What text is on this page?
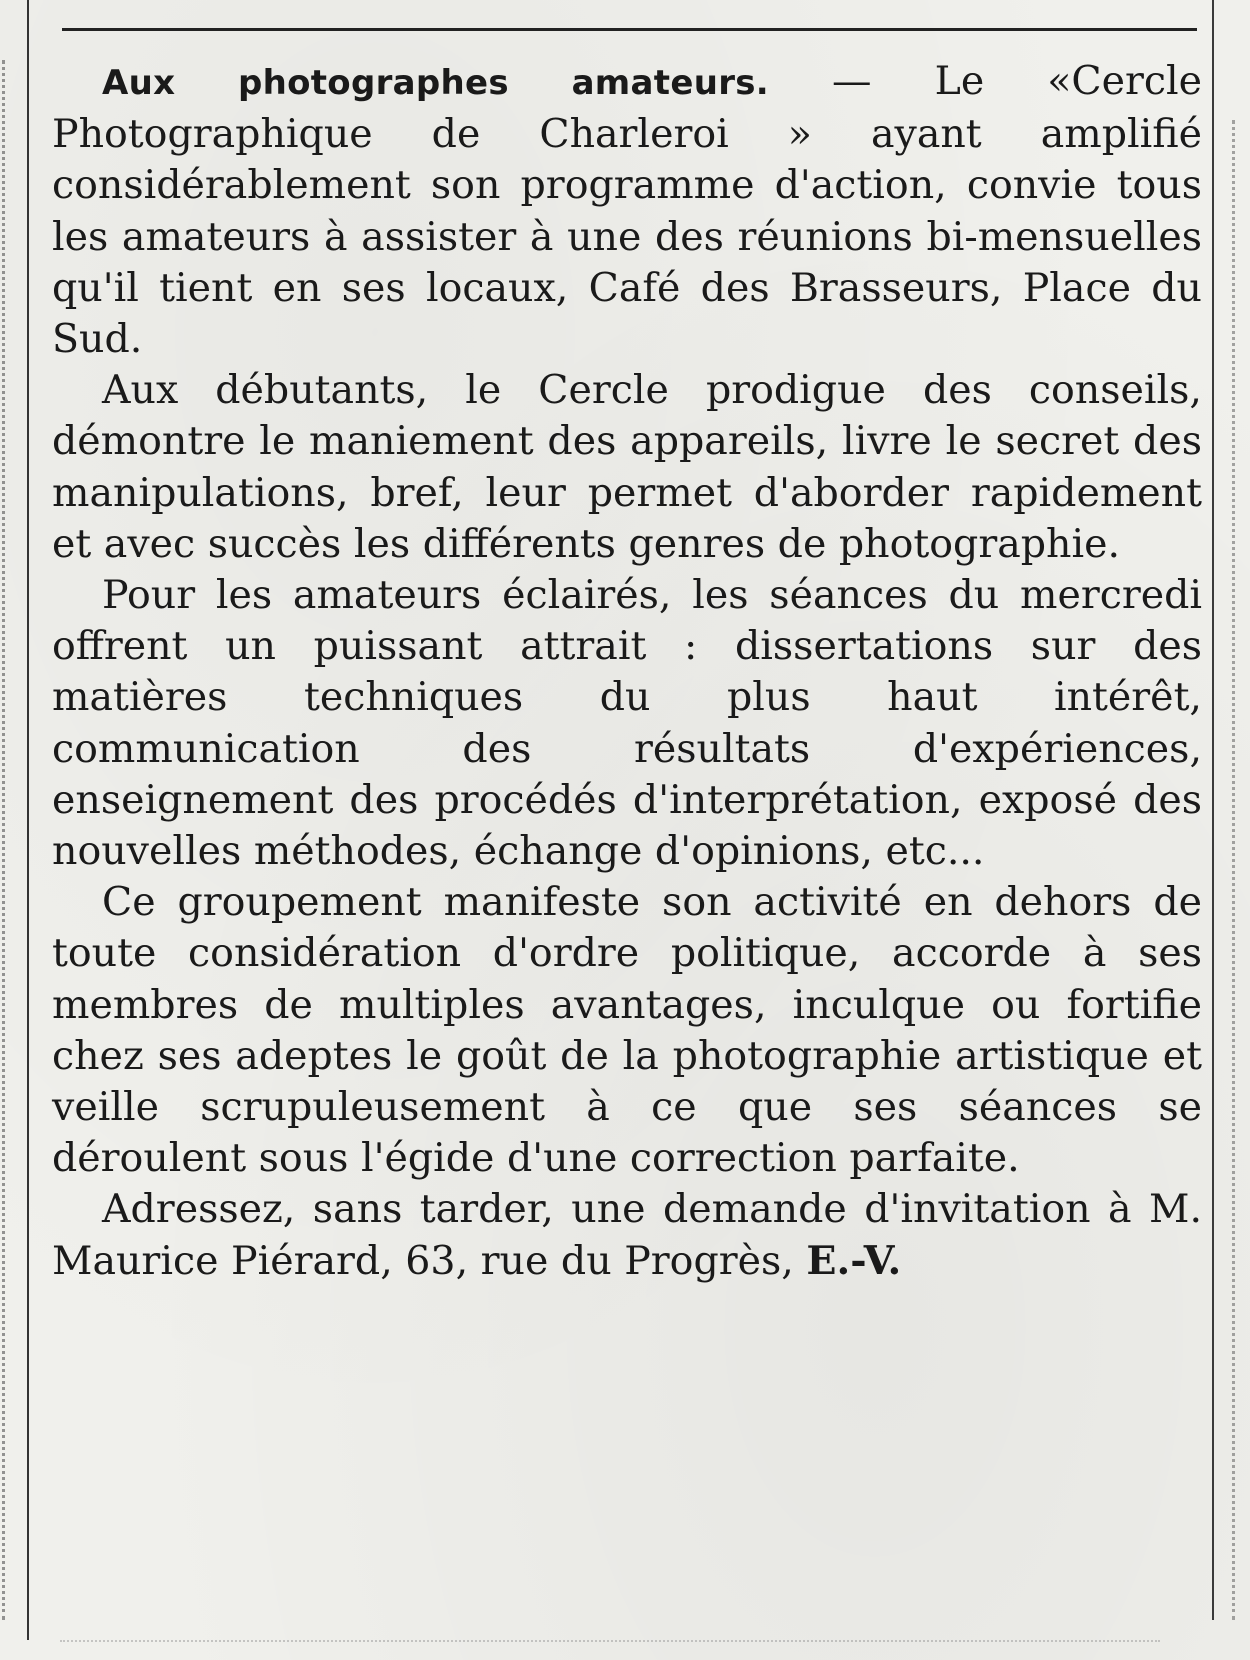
Aux photographes amateurs. — Le «Cercle Photographique de Charleroi » ayant amplifié considérablement son programme d'action, convie tous les amateurs à assister à une des réunions bi-mensuelles qu'il tient en ses locaux, Café des Brasseurs, Place du Sud.

Aux débutants, le Cercle prodigue des conseils, démontre le maniement des appareils, livre le secret des manipulations, bref, leur permet d'aborder rapidement et avec succès les différents genres de photographie.

Pour les amateurs éclairés, les séances du mercredi offrent un puissant attrait : dissertations sur des matières techniques du plus haut intérêt, communication des résultats d'expériences, enseignement des procédés d'interprétation, exposé des nouvelles méthodes, échange d'opinions, etc...

Ce groupement manifeste son activité en dehors de toute considération d'ordre politique, accorde à ses membres de multiples avantages, inculque ou fortifie chez ses adeptes le goût de la photographie artistique et veille scrupuleusement à ce que ses séances se déroulent sous l'égide d'une correction parfaite.

Adressez, sans tarder, une demande d'invitation à M. Maurice Piérard, 63, rue du Progrès, E.-V.
